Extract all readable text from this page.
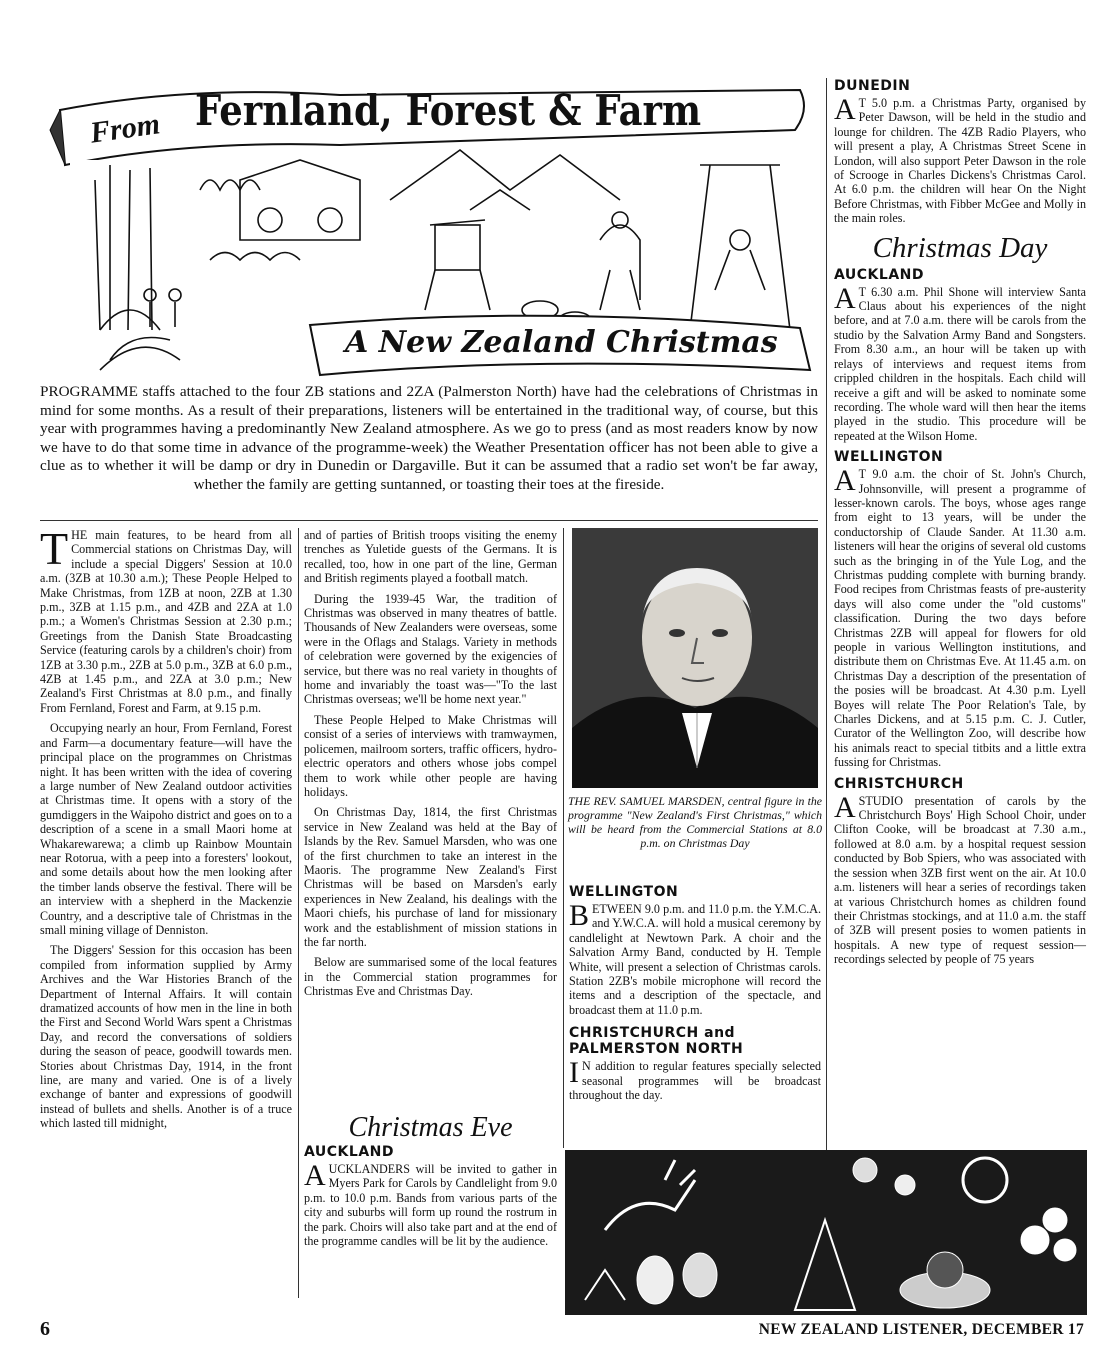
From Fernland, Forest & Farm
A New Zealand Christmas
PROGRAMME staffs attached to the four ZB stations and 2ZA (Palmerston North) have had the celebrations of Christmas in mind for some months. As a result of their preparations, listeners will be entertained in the traditional way, of course, but this year with programmes having a predominantly New Zealand atmosphere. As we go to press (and as most readers know by now we have to do that some time in advance of the programme-week) the Weather Presentation officer has not been able to give a clue as to whether it will be damp or dry in Dunedin or Dargaville. But it can be assumed that a radio set won't be far away, whether the family are getting suntanned, or toasting their toes at the fireside.

THE main features, to be heard from all Commercial stations on Christmas Day, will include a special Diggers' Session at 10.0 a.m. (3ZB at 10.30 a.m.); These People Helped to Make Christmas, from 1ZB at noon, 2ZB at 1.30 p.m., 3ZB at 1.15 p.m., and 4ZB and 2ZA at 1.0 p.m.; a Women's Christmas Session at 2.30 p.m.; Greetings from the Danish State Broadcasting Service (featuring carols by a children's choir) from 1ZB at 3.30 p.m., 2ZB at 5.0 p.m., 3ZB at 6.0 p.m., 4ZB at 1.45 p.m., and 2ZA at 3.0 p.m.; New Zealand's First Christmas at 8.0 p.m., and finally From Fernland, Forest and Farm, at 9.15 p.m.

Occupying nearly an hour, From Fernland, Forest and Farm—a documentary feature—will have the principal place on the programmes on Christmas night. It has been written with the idea of covering a large number of New Zealand outdoor activities at Christmas time. It opens with a story of the gumdiggers in the Waipoho district and goes on to a description of a scene in a small Maori home at Whakarewarewa; a climb up Rainbow Mountain near Rotorua, with a peep into a foresters' lookout, and some details about how the men looking after the timber lands observe the festival. There will be an interview with a shepherd in the Mackenzie Country, and a descriptive tale of Christmas in the small mining village of Denniston.

The Diggers' Session for this occasion has been compiled from information supplied by Army Archives and the War Histories Branch of the Department of Internal Affairs. It will contain dramatized accounts of how men in the line in both the First and Second World Wars spent a Christmas Day, and record the conversations of soldiers during the season of peace, goodwill towards men. Stories about Christmas Day, 1914, in the front line, are many and varied. One is of a lively exchange of banter and expressions of goodwill instead of bullets and shells. Another is of a truce which lasted till midnight,

and of parties of British troops visiting the enemy trenches as Yuletide guests of the Germans. It is recalled, too, how in one part of the line, German and British regiments played a football match.

During the 1939-45 War, the tradition of Christmas was observed in many theatres of battle. Thousands of New Zealanders were overseas, some were in the Oflags and Stalags. Variety in methods of celebration were governed by the exigencies of service, but there was no real variety in thoughts of home and invariably the toast was—"To the last Christmas overseas; we'll be home next year."

These People Helped to Make Christmas will consist of a series of interviews with tramwaymen, policemen, mailroom sorters, traffic officers, hydro-electric operators and others whose jobs compel them to work while other people are having holidays.

On Christmas Day, 1814, the first Christmas service in New Zealand was held at the Bay of Islands by the Rev. Samuel Marsden, who was one of the first churchmen to take an interest in the Maoris. The programme New Zealand's First Christmas will be based on Marsden's early experiences in New Zealand, his dealings with the Maori chiefs, his purchase of land for missionary work and the establishment of mission stations in the far north.

Below are summarised some of the local features in the Commercial station programmes for Christmas Eve and Christmas Day.

Christmas Eve
AUCKLAND

AUCKLANDERS will be invited to gather in Myers Park for Carols by Candlelight from 9.0 p.m. to 10.0 p.m. Bands from various parts of the city and suburbs will form up round the rostrum in the park. Choirs will also take part and at the end of the programme candles will be lit by the audience.

THE REV. SAMUEL MARSDEN, central figure in the programme "New Zealand's First Christmas," which will be heard from the Commercial Stations at 8.0 p.m. on Christmas Day
WELLINGTON

BETWEEN 9.0 p.m. and 11.0 p.m. the Y.M.C.A. and Y.W.C.A. will hold a musical ceremony by candlelight at Newtown Park. A choir and the Salvation Army Band, conducted by H. Temple White, will present a selection of Christmas carols. Station 2ZB's mobile microphone will record the items and a description of the spectacle, and broadcast them at 11.0 p.m.

CHRISTCHURCH and PALMERSTON NORTH

I N addition to regular features specially selected seasonal programmes will be broadcast throughout the day.

DUNEDIN

A T 5.0 p.m. a Christmas Party, organised by Peter Dawson, will be held in the studio and lounge for children. The 4ZB Radio Players, who will present a play, A Christmas Street Scene in London, will also support Peter Dawson in the role of Scrooge in Charles Dickens's Christmas Carol. At 6.0 p.m. the children will hear On the Night Before Christmas, with Fibber McGee and Molly in the main roles.

Christmas Day
AUCKLAND

A T 6.30 a.m. Phil Shone will interview Santa Claus about his experiences of the night before, and at 7.0 a.m. there will be carols from the studio by the Salvation Army Band and Songsters. From 8.30 a.m., an hour will be taken up with relays of interviews and request items from crippled children in the hospitals. Each child will receive a gift and will be asked to nominate some recording. The whole ward will then hear the items played in the studio. This procedure will be repeated at the Wilson Home.

WELLINGTON

A T 9.0 a.m. the choir of St. John's Church, Johnsonville, will present a programme of lesser-known carols. The boys, whose ages range from eight to 13 years, will be under the conductorship of Claude Sander. At 11.30 a.m. listeners will hear the origins of several old customs such as the bringing in of the Yule Log, and the Christmas pudding complete with burning brandy. Food recipes from Christmas feasts of pre-austerity days will also come under the "old customs" classification. During the two days before Christmas 2ZB will appeal for flowers for old people in various Wellington institutions, and distribute them on Christmas Eve. At 11.45 a.m. on Christmas Day a description of the presentation of the posies will be broadcast. At 4.30 p.m. Lyell Boyes will relate The Poor Relation's Tale, by Charles Dickens, and at 5.15 p.m. C. J. Cutler, Curator of the Wellington Zoo, will describe how his animals react to special titbits and a little extra fussing for Christmas.

CHRISTCHURCH

ASTUDIO presentation of carols by the Christchurch Boys' High School Choir, under Clifton Cooke, will be broadcast at 7.30 a.m., followed at 8.0 a.m. by a hospital request session conducted by Bob Spiers, who was associated with the session when 3ZB first went on the air. At 10.0 a.m. listeners will hear a series of recordings taken at various Christchurch homes as children found their Christmas stockings, and at 11.0 a.m. the staff of 3ZB will present posies to women patients in hospitals. A new type of request session—recordings selected by people of 75 years

6	NEW ZEALAND LISTENER, DECEMBER 17
